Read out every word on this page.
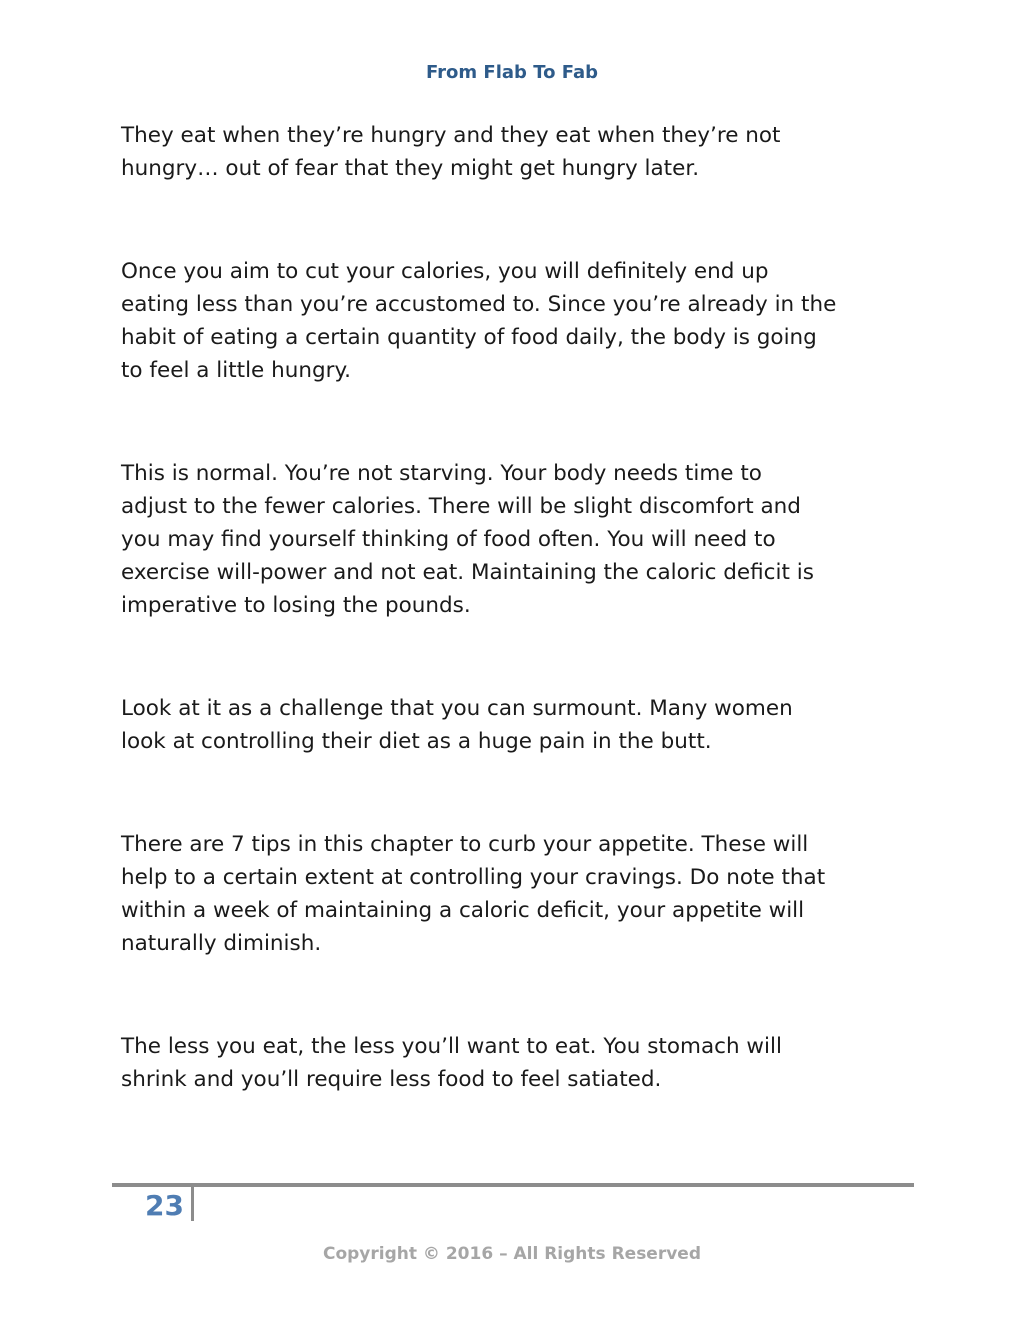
From Flab To Fab

They eat when they’re hungry and they eat when they’re not
hungry… out of fear that they might get hungry later.

Once you aim to cut your calories, you will definitely end up
eating less than you’re accustomed to. Since you’re already in the
habit of eating a certain quantity of food daily, the body is going
to feel a little hungry.

This is normal. You’re not starving. Your body needs time to
adjust to the fewer calories. There will be slight discomfort and
you may find yourself thinking of food often. You will need to
exercise will-power and not eat. Maintaining the caloric deficit is
imperative to losing the pounds.

Look at it as a challenge that you can surmount. Many women
look at controlling their diet as a huge pain in the butt.

There are 7 tips in this chapter to curb your appetite. These will
help to a certain extent at controlling your cravings. Do note that
within a week of maintaining a caloric deficit, your appetite will
naturally diminish.

The less you eat, the less you’ll want to eat. You stomach will
shrink and you’ll require less food to feel satiated.

23
Copyright © 2016 – All Rights Reserved
